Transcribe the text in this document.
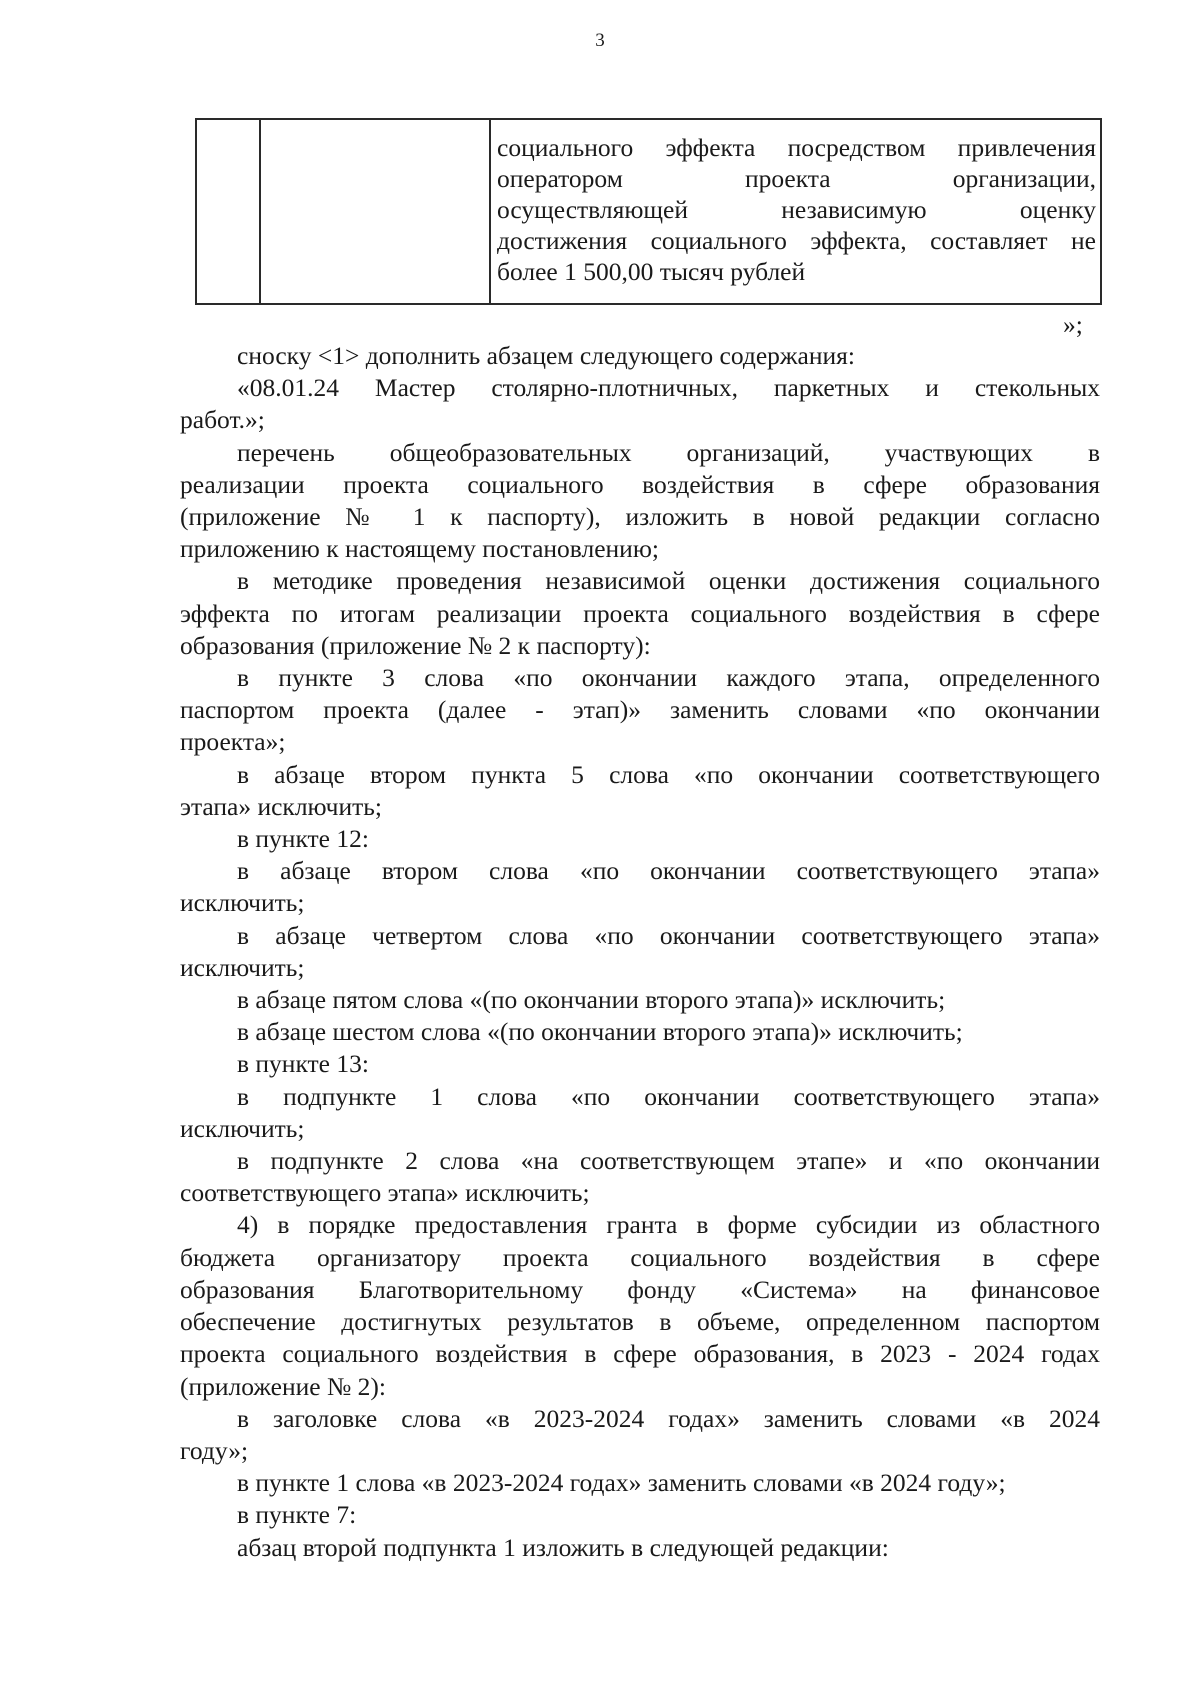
3

социального эффекта посредством привлечения
оператором проекта организации,
осуществляющей независимую оценку
достижения социального эффекта, составляет не
более 1 500,00 тысяч рублей
»;
сноску <1> дополнить абзацем следующего содержания:
«08.01.24 Мастер столярно-плотничных, паркетных и стекольных
работ.»;
перечень общеобразовательных организаций, участвующих в
реализации проекта социального воздействия в сфере образования
(приложение № 1 к паспорту), изложить в новой редакции согласно
приложению к настоящему постановлению;
в методике проведения независимой оценки достижения социального
эффекта по итогам реализации проекта социального воздействия в сфере
образования (приложение № 2 к паспорту):
в пункте 3 слова «по окончании каждого этапа, определенного
паспортом проекта (далее - этап)» заменить словами «по окончании
проекта»;
в абзаце втором пункта 5 слова «по окончании соответствующего
этапа» исключить;
в пункте 12:
в абзаце втором слова «по окончании соответствующего этапа»
исключить;
в абзаце четвертом слова «по окончании соответствующего этапа»
исключить;
в абзаце пятом слова «(по окончании второго этапа)» исключить;
в абзаце шестом слова «(по окончании второго этапа)» исключить;
в пункте 13:
в подпункте 1 слова «по окончании соответствующего этапа»
исключить;
в подпункте 2 слова «на соответствующем этапе» и «по окончании
соответствующего этапа» исключить;
4) в порядке предоставления гранта в форме субсидии из областного
бюджета организатору проекта социального воздействия в сфере
образования Благотворительному фонду «Система» на финансовое
обеспечение достигнутых результатов в объеме, определенном паспортом
проекта социального воздействия в сфере образования, в 2023 - 2024 годах
(приложение № 2):
в заголовке слова «в 2023-2024 годах» заменить словами «в 2024
году»;
в пункте 1 слова «в 2023-2024 годах» заменить словами «в 2024 году»;
в пункте 7:
абзац второй подпункта 1 изложить в следующей редакции:
